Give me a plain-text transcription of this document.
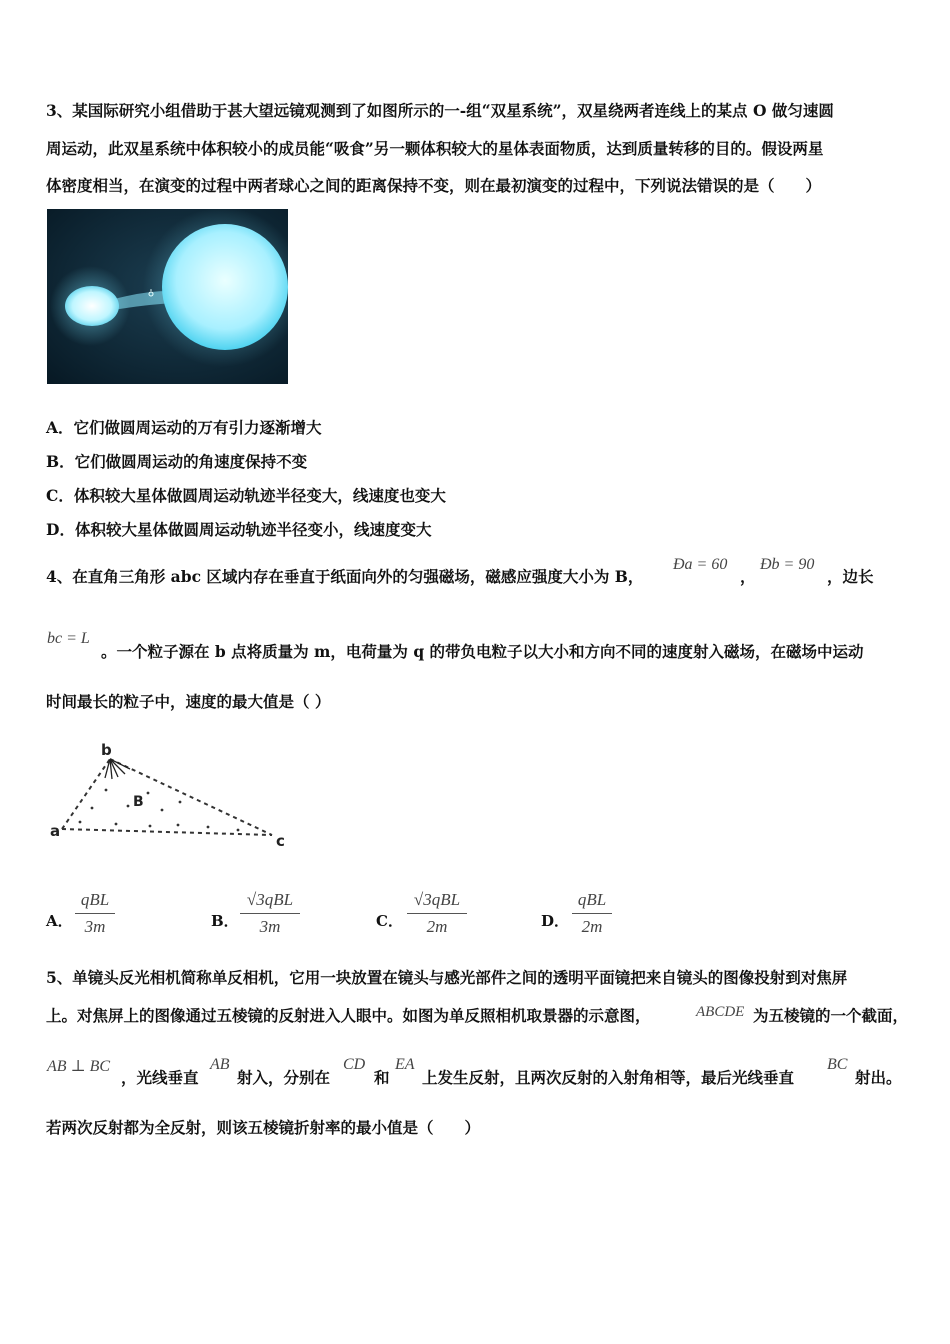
3、某国际研究小组借助于甚大望远镜观测到了如图所示的一-组“双星系统”，双星绕两者连线上的某点 O 做匀速圆
周运动，此双星系统中体积较小的成员能“吸食”另一颗体积较大的星体表面物质，达到质量转移的目的。假设两星
体密度相当，在演变的过程中两者球心之间的距离保持不变，则在最初演变的过程中，下列说法错误的是（　　）
A．它们做圆周运动的万有引力逐渐增大
B．它们做圆周运动的角速度保持不变
C．体积较大星体做圆周运动轨迹半径变大，线速度也变大
D．体积较大星体做圆周运动轨迹半径变小，线速度变大
4、在直角三角形 abc 区域内存在垂直于纸面向外的匀强磁场，磁感应强度大小为 B，
Ða = 60
，
Ðb = 90
，边长
bc = L
。一个粒子源在 b 点将质量为 m，电荷量为 q 的带负电粒子以大小和方向不同的速度射入磁场，在磁场中运动
时间最长的粒子中，速度的最大值是（ ）
b
a
c
B
A．
qBL
3m	B．
√3qBL
3m	C．
√3qBL
2m	D．
qBL
2m
5、单镜头反光相机简称单反相机，它用一块放置在镜头与感光部件之间的透明平面镜把来自镜头的图像投射到对焦屏
上。对焦屏上的图像通过五棱镜的反射进入人眼中。如图为单反照相机取景器的示意图，	ABCDE 为五棱镜的一个截面，
AB ⊥ BC
，光线垂直
AB
射入，分别在
CD
和
EA
上发生反射，且两次反射的入射角相等，最后光线垂直
BC
射出。
若两次反射都为全反射，则该五棱镜折射率的最小值是（　　）
